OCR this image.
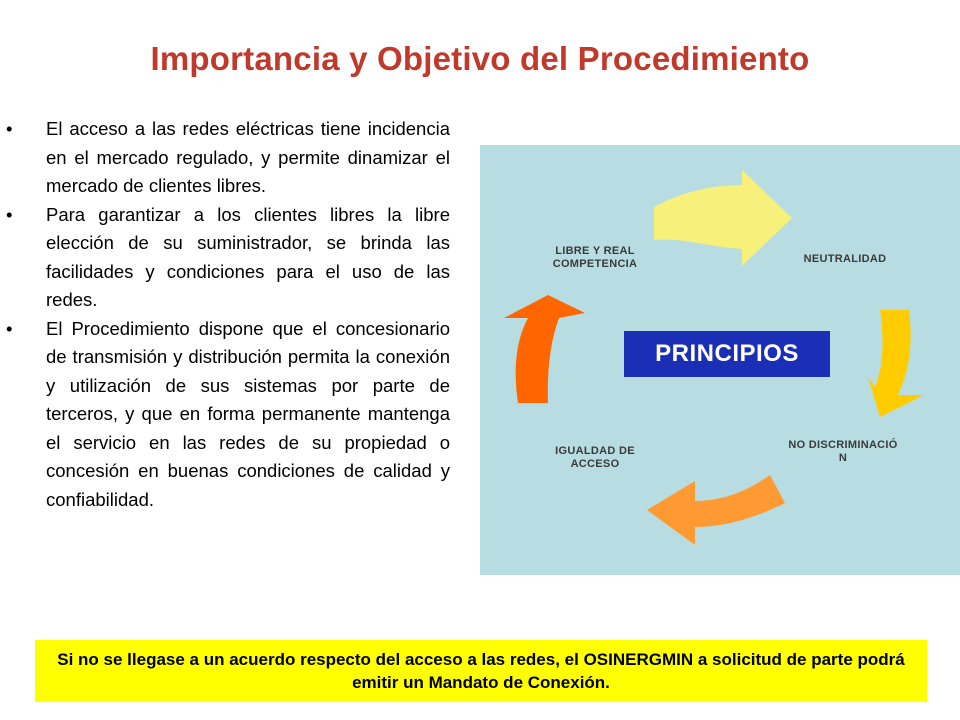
Importancia y Objetivo del Procedimiento
• El acceso a las redes eléctricas tiene incidencia en el mercado regulado, y permite dinamizar el mercado de clientes libres.
• Para garantizar a los clientes libres la libre elección de su suministrador, se brinda las facilidades y condiciones para el uso de las redes.
• El Procedimiento dispone que el concesionario de transmisión y distribución permita la conexión y utilización de sus sistemas por parte de terceros, y que en forma permanente mantenga el servicio en las redes de su propiedad o concesión en buenas condiciones de calidad y confiabilidad.
NEUTRALIDAD
NO DISCRIMINACIÓ N
IGUALDAD DE ACCESO
LIBRE Y REAL COMPETENCIA
PRINCIPIOS
Si no se llegase a un acuerdo respecto del acceso a las redes, el OSINERGMIN a solicitud de parte podrá emitir un Mandato de Conexión.
